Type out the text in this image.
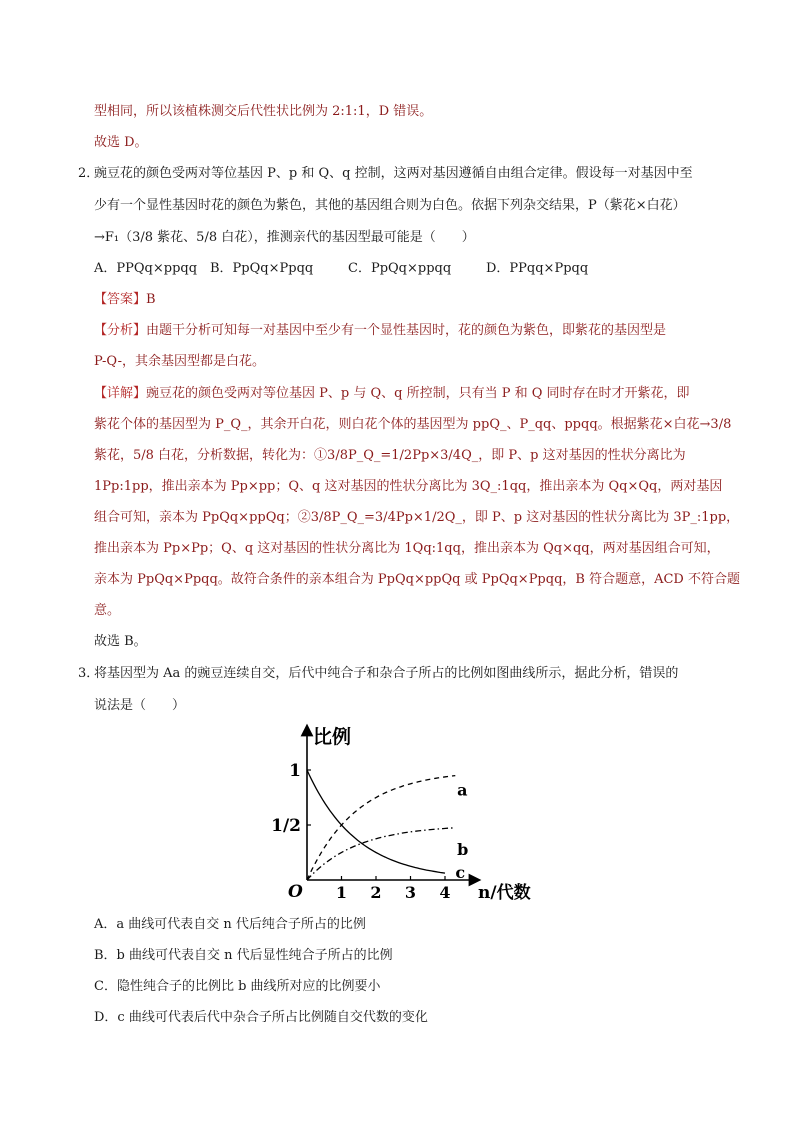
型相同，所以该植株测交后代性状比例为 2:1:1，D 错误。
故选 D。
2．
豌豆花的颜色受两对等位基因 P、p 和 Q、q 控制，这两对基因遵循自由组合定律。假设每一对基因中至
少有一个显性基因时花的颜色为紫色，其他的基因组合则为白色。依据下列杂交结果，P（紫花×白花）
→F₁（3/8 紫花、5/8 白花），推测亲代的基因型最可能是（　　）
A．PPQq×ppqq B．PpQq×Ppqq	C．PpQq×ppqq	D．PPqq×Ppqq
【答案】B
【分析】由题干分析可知每一对基因中至少有一个显性基因时，花的颜色为紫色，即紫花的基因型是
P-Q-，其余基因型都是白花。
【详解】豌豆花的颜色受两对等位基因 P、p 与 Q、q 所控制，只有当 P 和 Q 同时存在时才开紫花，即
紫花个体的基因型为 P_Q_，其余开白花，则白花个体的基因型为 ppQ_、P_qq、ppqq。根据紫花×白花→3/8
紫花，5/8 白花，分析数据，转化为：①3/8P_Q_=1/2Pp×3/4Q_，即 P、p 这对基因的性状分离比为
1Pp:1pp，推出亲本为 Pp×pp；Q、q 这对基因的性状分离比为 3Q_:1qq，推出亲本为 Qq×Qq，两对基因
组合可知，亲本为 PpQq×ppQq；②3/8P_Q_=3/4Pp×1/2Q_，即 P、p 这对基因的性状分离比为 3P_:1pp，
推出亲本为 Pp×Pp；Q、q 这对基因的性状分离比为 1Qq:1qq，推出亲本为 Qq×qq，两对基因组合可知，
亲本为 PpQq×Ppqq。故符合条件的亲本组合为 PpQq×ppQq 或 PpQq×Ppqq，B 符合题意，ACD 不符合题
意。
故选 B。
3．
将基因型为 Aa 的豌豆连续自交，后代中纯合子和杂合子所占的比例如图曲线所示，据此分析，错误的
说法是（　　）
比例
n/代数
O 1 2 3 4
1
1/2
a
b
c
A．a 曲线可代表自交 n 代后纯合子所占的比例
B．b 曲线可代表自交 n 代后显性纯合子所占的比例
C．隐性纯合子的比例比 b 曲线所对应的比例要小
D．c 曲线可代表后代中杂合子所占比例随自交代数的变化
